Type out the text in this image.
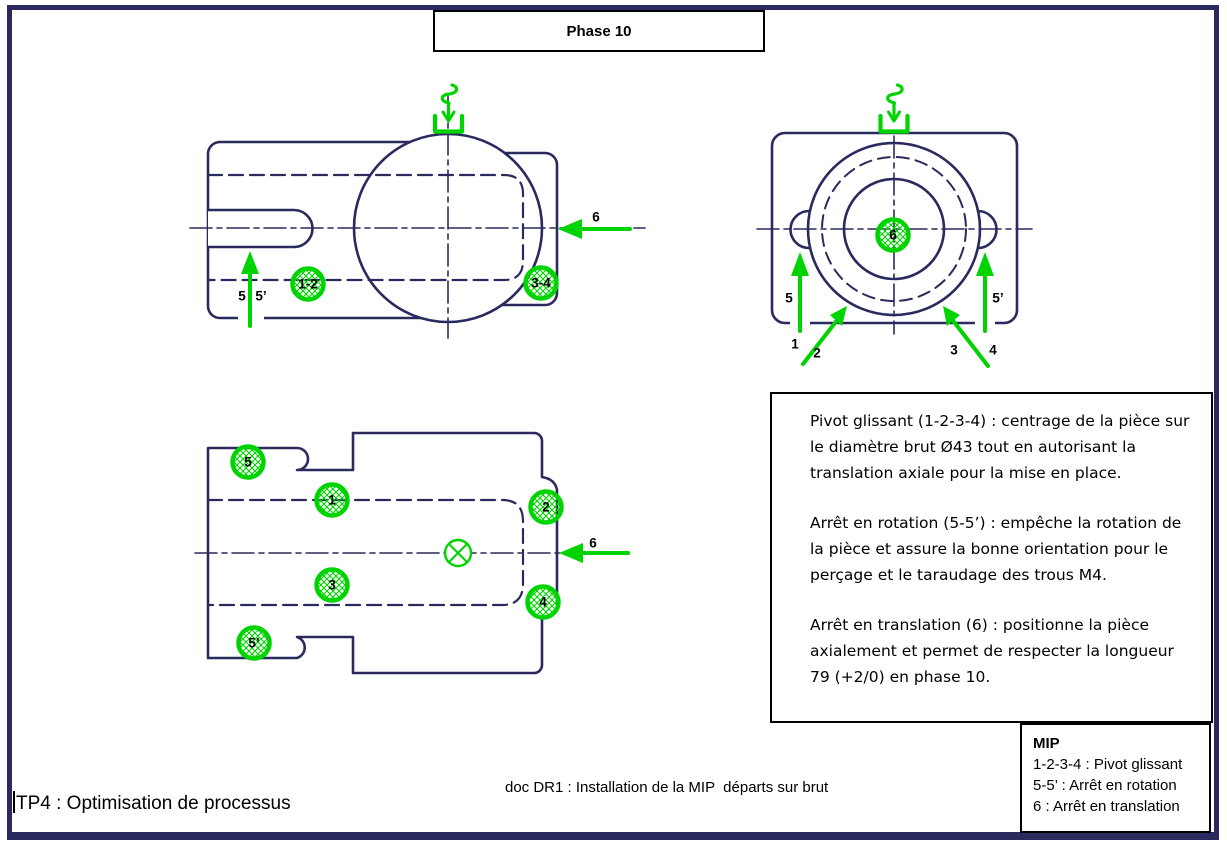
Phase 10
6
5 5’
1-2	3-4
6
5	5’
1
2	3 4
6
5
1	2
3
4
5’

Pivot glissant (1-2-3-4) : centrage de la pièce sur le diamètre brut Ø43 tout en autorisant la translation axiale pour la mise en place.

Arrêt en rotation (5-5’) : empêche la rotation de la pièce et assure la bonne orientation pour le perçage et le taraudage des trous M4.

Arrêt en translation (6) : positionne la pièce axialement et permet de respecter la longueur 79 (+2/0) en phase 10.

MIP
1-2-3-4 : Pivot glissant
5-5’ : Arrêt en rotation
6 : Arrêt en translation
TP4 : Optimisation de processus
doc DR1 : Installation de la MIP  départs sur brut
